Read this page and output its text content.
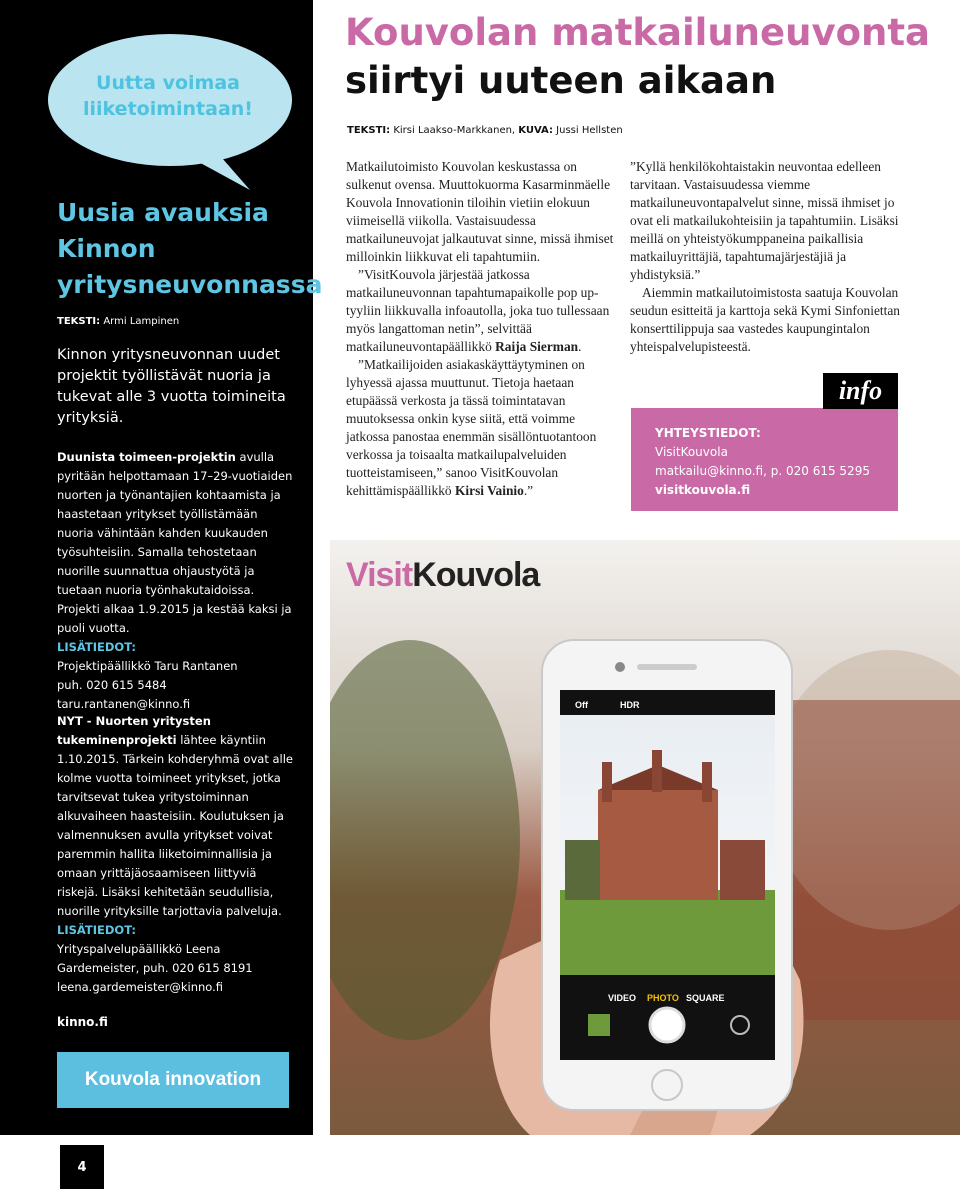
Uutta voimaa liiketoimintaan!
Uusia avauksia Kinnon yritysneuvonnassa
TEKSTI: Armi Lampinen
Kinnon yritysneuvonnan uudet projektit työllistävät nuoria ja tukevat alle 3 vuotta toimineita yrityksiä.
Duunista toimeen-projektin avulla pyritään helpottamaan 17–29-vuotiaiden nuorten ja työnantajien kohtaamista ja haastetaan yritykset työllistämään nuoria vähintään kahden kuukauden työsuhteisiin. Samalla tehostetaan nuorille suunnattua ohjaustyötä ja tuetaan nuoria työnhakutaidoissa. Projekti alkaa 1.9.2015 ja kestää kaksi ja puoli vuotta.
LISÄTIEDOT:
Projektipäällikkö Taru Rantanen
puh. 020 615 5484
taru.rantanen@kinno.fi
NYT - Nuorten yritysten tukeminenprojekti lähtee käyntiin 1.10.2015. Tärkein kohderyhmä ovat alle kolme vuotta toimineet yritykset, jotka tarvitsevat tukea yritystoiminnan alkuvaiheen haasteisiin. Koulutuksen ja valmennuksen avulla yritykset voivat paremmin hallita liiketoiminnallisia ja omaan yrittäjäosaamiseen liittyviä riskejä. Lisäksi kehitetään seudullisia, nuorille yrityksille tarjottavia palveluja.
LISÄTIEDOT:
Yrityspalvelupäällikkö Leena Gardemeister, puh. 020 615 8191
leena.gardemeister@kinno.fi
kinno.fi
Kouvola innovation
4
Kouvolan matkailuneuvonta
siirtyi uuteen aikaan
TEKSTI: Kirsi Laakso-Markkanen, KUVA: Jussi Hellsten

Matkailutoimisto Kouvolan keskustassa on sulkenut ovensa. Muuttokuorma Kasarminmäelle Kouvola Innovationin tiloihin vietiin elokuun viimeisellä viikolla. Vastaisuudessa matkailuneuvojat jalkautuvat sinne, missä ihmiset milloinkin liikkuvat eli tapahtumiin.

”VisitKouvola järjestää jatkossa matkailuneuvonnan tapahtumapaikolle pop up-tyyliin liikkuvalla infoautolla, joka tuo tullessaan myös langattoman netin”, selvittää matkailuneuvontapäällikkö Raija Sierman.

”Matkailijoiden asiakaskäyttäytyminen on lyhyessä ajassa muuttunut. Tietoja haetaan etupäässä verkosta ja tässä toimintatavan muutoksessa onkin kyse siitä, että voimme jatkossa panostaa enemmän sisällöntuotantoon verkossa ja toisaalta matkailupalveluiden tuotteistamiseen,” sanoo VisitKouvolan kehittämispäällikkö Kirsi Vainio.”

”Kyllä henkilökohtaistakin neuvontaa edelleen tarvitaan. Vastaisuudessa viemme matkailuneuvontapalvelut sinne, missä ihmiset jo ovat eli matkailukohteisiin ja tapahtumiin. Lisäksi meillä on yhteistyökumppaneina paikallisia matkailuyrittäjiä, tapahtumajärjestäjiä ja yhdistyksiä.”

Aiemmin matkailutoimistosta saatuja Kouvolan seudun esitteitä ja karttoja sekä Kymi Sinfoniettan konserttilippuja saa vastedes kaupungintalon yhteispalvelupisteestä.

YHTEYSTIEDOT:
VisitKouvola
matkailu@kinno.fi, p. 020 615 5295
visitkouvola.fi
info
VisitKouvola
Off	HDR
VIDEO PHOTO SQUARE
